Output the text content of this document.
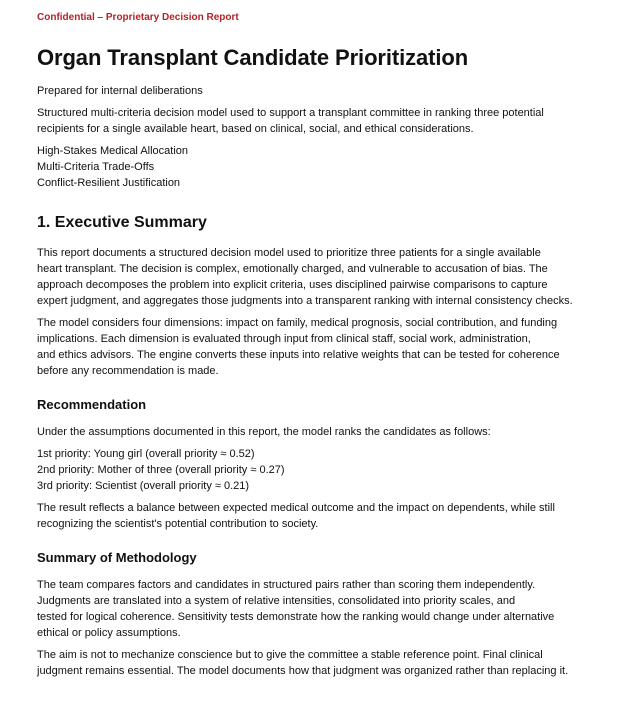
Confidential – Proprietary Decision Report

Organ Transplant Candidate Prioritization

Prepared for internal deliberations

Structured multi-criteria decision model used to support a transplant committee in ranking three potential
recipients for a single available heart, based on clinical, social, and ethical considerations.
High-Stakes Medical Allocation
Multi-Criteria Trade-Offs
Conflict-Resilient Justification
1. Executive Summary
This report documents a structured decision model used to prioritize three patients for a single available
heart transplant. The decision is complex, emotionally charged, and vulnerable to accusation of bias. The
approach decomposes the problem into explicit criteria, uses disciplined pairwise comparisons to capture
expert judgment, and aggregates those judgments into a transparent ranking with internal consistency checks.
The model considers four dimensions: impact on family, medical prognosis, social contribution, and funding
implications. Each dimension is evaluated through input from clinical staff, social work, administration,
and ethics advisors. The engine converts these inputs into relative weights that can be tested for coherence
before any recommendation is made.
Recommendation

Under the assumptions documented in this report, the model ranks the candidates as follows:

1st priority: Young girl (overall priority ≈ 0.52)
2nd priority: Mother of three (overall priority ≈ 0.27)
3rd priority: Scientist (overall priority ≈ 0.21)
The result reflects a balance between expected medical outcome and the impact on dependents, while still
recognizing the scientist's potential contribution to society.
Summary of Methodology
The team compares factors and candidates in structured pairs rather than scoring them independently.
Judgments are translated into a system of relative intensities, consolidated into priority scales, and
tested for logical coherence. Sensitivity tests demonstrate how the ranking would change under alternative
ethical or policy assumptions.
The aim is not to mechanize conscience but to give the committee a stable reference point. Final clinical
judgment remains essential. The model documents how that judgment was organized rather than replacing it.
